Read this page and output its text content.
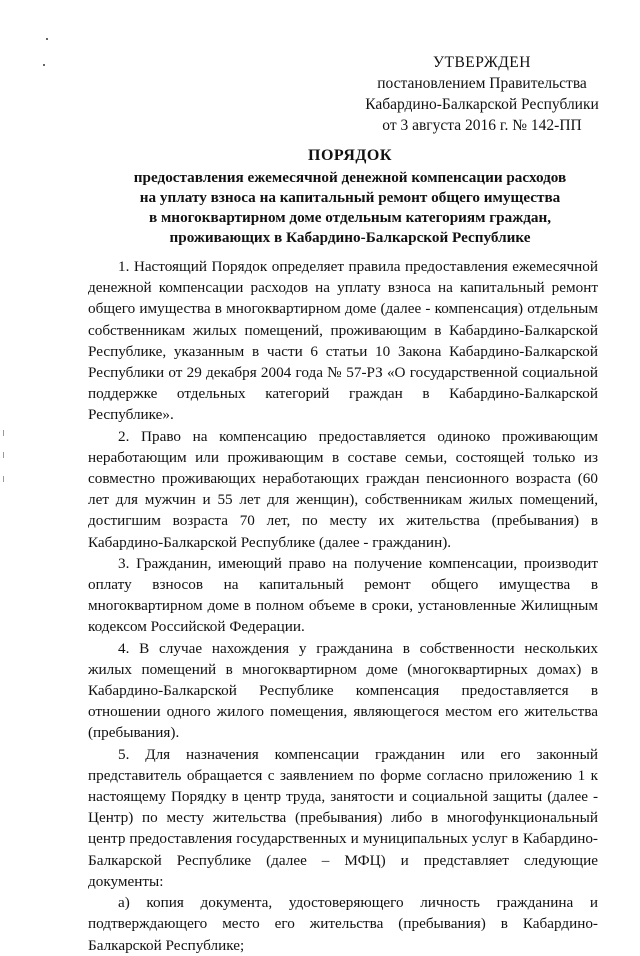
УТВЕРЖДЕН
постановлением Правительства
Кабардино-Балкарской Республики
от 3 августа 2016 г. № 142-ПП
ПОРЯДОК
предоставления ежемесячной денежной компенсации расходов
на уплату взноса на капитальный ремонт общего имущества
в многоквартирном доме отдельным категориям граждан,
проживающих в Кабардино-Балкарской Республике

1. Настоящий Порядок определяет правила предоставления ежемесячной денежной компенсации расходов на уплату взноса на капитальный ремонт общего имущества в многоквартирном доме (далее - компенсация) отдельным собственникам жилых помещений, проживающим в Кабардино-Балкарской Республике, указанным в части 6 статьи 10 Закона Кабардино-Балкарской Республики от 29 декабря 2004 года № 57-РЗ «О государственной социальной поддержке отдельных категорий граждан в Кабардино-Балкарской Республике».

2. Право на компенсацию предоставляется одиноко проживающим неработающим или проживающим в составе семьи, состоящей только из совместно проживающих неработающих граждан пенсионного возраста (60 лет для мужчин и 55 лет для женщин), собственникам жилых помещений, достигшим возраста 70 лет, по месту их жительства (пребывания) в Кабардино-Балкарской Республике (далее - гражданин).

3. Гражданин, имеющий право на получение компенсации, производит оплату взносов на капитальный ремонт общего имущества в многоквартирном доме в полном объеме в сроки, установленные Жилищным кодексом Российской Федерации.

4. В случае нахождения у гражданина в собственности нескольких жилых помещений в многоквартирном доме (многоквартирных домах) в Кабардино-Балкарской Республике компенсация предоставляется в отношении одного жилого помещения, являющегося местом его жительства (пребывания).

5. Для назначения компенсации гражданин или его законный представитель обращается с заявлением по форме согласно приложению 1 к настоящему Порядку в центр труда, занятости и социальной защиты (далее - Центр) по месту жительства (пребывания) либо в многофункциональный центр предоставления государственных и муниципальных услуг в Кабардино-Балкарской Республике (далее – МФЦ) и представляет следующие документы:

а) копия документа, удостоверяющего личность гражданина и подтверждающего место его жительства (пребывания) в Кабардино-Балкарской Республике;
